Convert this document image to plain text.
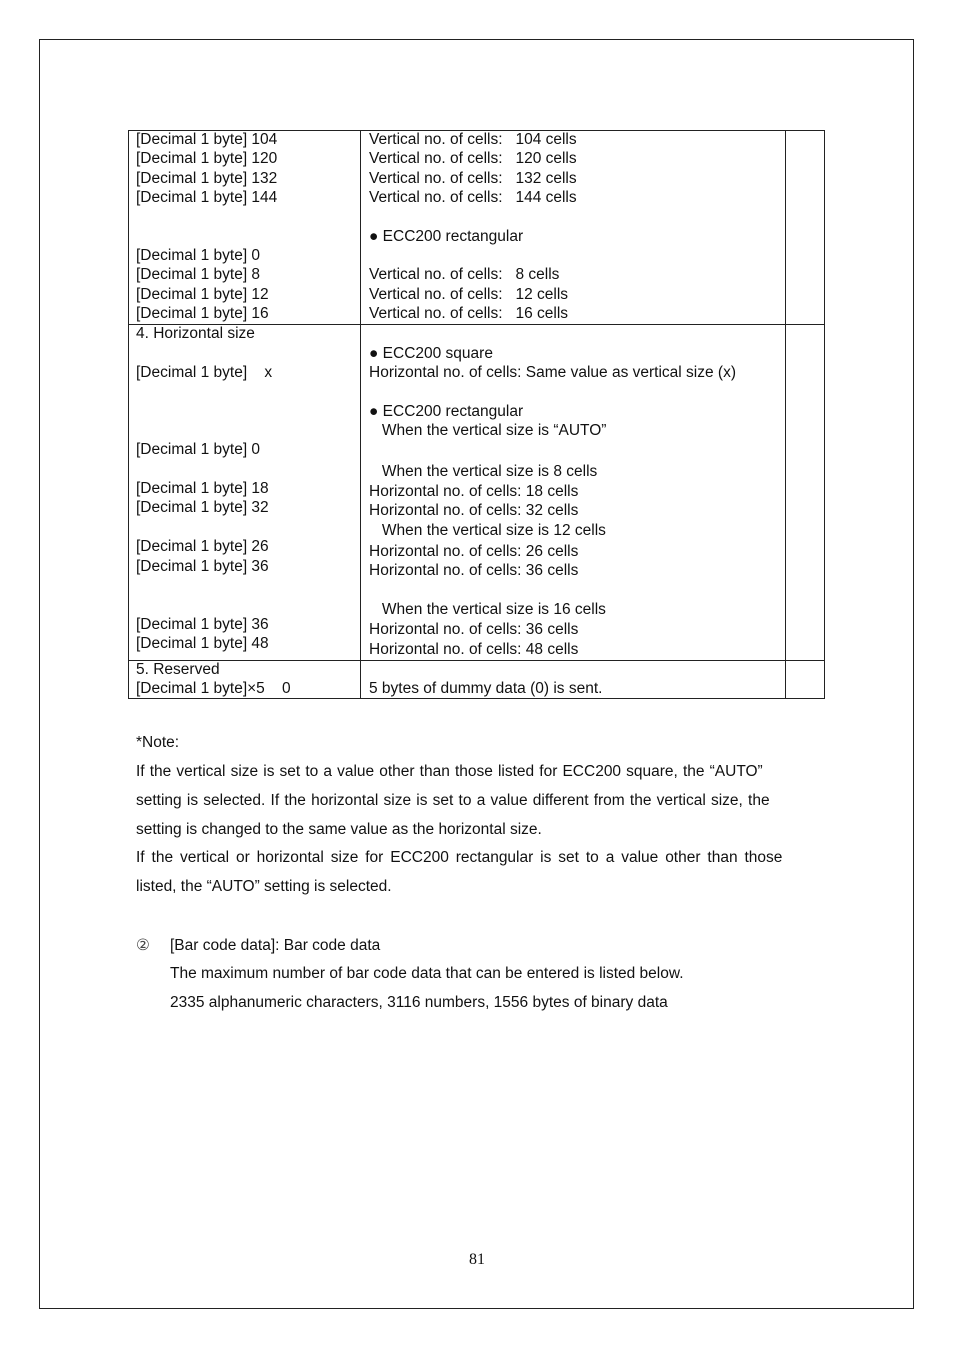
[Decimal 1 byte] 104
[Decimal 1 byte] 120
[Decimal 1 byte] 132
[Decimal 1 byte] 144
[Decimal 1 byte] 0
[Decimal 1 byte] 8
[Decimal 1 byte] 12
[Decimal 1 byte] 16
Vertical no. of cells:   104 cells
Vertical no. of cells:   120 cells
Vertical no. of cells:   132 cells
Vertical no. of cells:   144 cells
● ECC200 rectangular
Vertical no. of cells:   8 cells
Vertical no. of cells:   12 cells
Vertical no. of cells:   16 cells
4. Horizontal size
[Decimal 1 byte]    x
[Decimal 1 byte] 0
[Decimal 1 byte] 18
[Decimal 1 byte] 32
[Decimal 1 byte] 26
[Decimal 1 byte] 36
[Decimal 1 byte] 36
[Decimal 1 byte] 48
● ECC200 square
Horizontal no. of cells: Same value as vertical size (x)
● ECC200 rectangular
When the vertical size is “AUTO”
When the vertical size is 8 cells
Horizontal no. of cells: 18 cells
Horizontal no. of cells: 32 cells
When the vertical size is 12 cells
Horizontal no. of cells: 26 cells
Horizontal no. of cells: 36 cells
When the vertical size is 16 cells
Horizontal no. of cells: 36 cells
Horizontal no. of cells: 48 cells
5. Reserved
[Decimal 1 byte]×5    0	5 bytes of dummy data (0) is sent.
*Note:
If the vertical size is set to a value other than those listed for ECC200 square, the “AUTO”
setting is selected. If the horizontal size is set to a value different from the vertical size, the
setting is changed to the same value as the horizontal size.
If the vertical or horizontal size for ECC200 rectangular is set to a value other than those
listed, the “AUTO” setting is selected.
② [Bar code data]: Bar code data
The maximum number of bar code data that can be entered is listed below.
2335 alphanumeric characters, 3116 numbers, 1556 bytes of binary data
81
